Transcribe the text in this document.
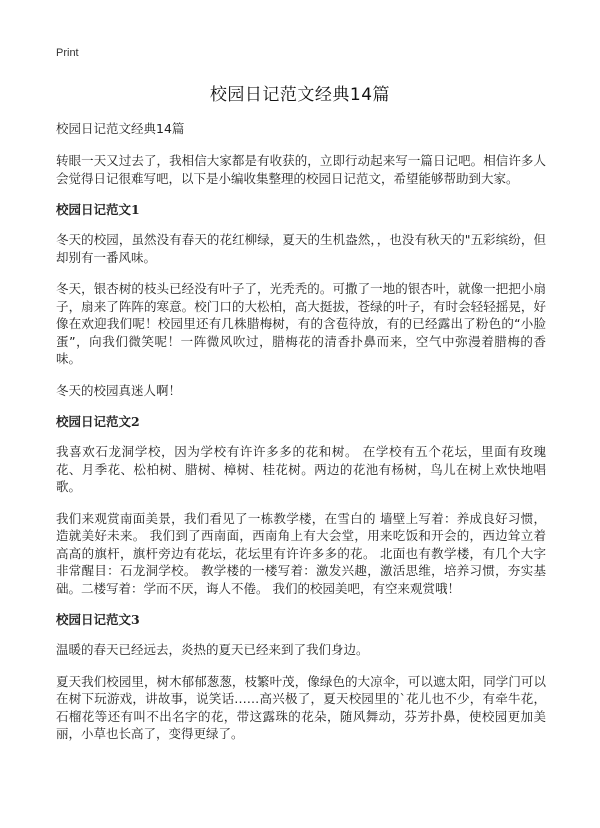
Print
校园日记范文经典14篇
校园日记范文经典14篇

转眼一天又过去了，我相信大家都是有收获的，立即行动起来写一篇日记吧。相信许多人会觉得日记很难写吧，以下是小编收集整理的校园日记范文，希望能够帮助到大家。

校园日记范文1

冬天的校园，虽然没有春天的花红柳绿，夏天的生机盎然，，也没有秋天的"五彩缤纷，但却别有一番风味。

冬天，银杏树的枝头已经没有叶子了，光秃秃的。可撒了一地的银杏叶，就像一把把小扇子，扇来了阵阵的寒意。校门口的大松柏，高大挺拔，苍绿的叶子，有时会轻轻摇晃，好像在欢迎我们呢！校园里还有几株腊梅树，有的含苞待放，有的已经露出了粉色的“小脸蛋”，向我们微笑呢！一阵微风吹过，腊梅花的清香扑鼻而来，空气中弥漫着腊梅的香味。

冬天的校园真迷人啊！

校园日记范文2

我喜欢石龙洞学校，因为学校有许许多多的花和树。 在学校有五个花坛，里面有玫瑰花、月季花、松柏树、腊树、樟树、桂花树。两边的花池有杨树，鸟儿在树上欢快地唱歌。

我们来观赏南面美景，我们看见了一栋教学楼，在雪白的 墙壁上写着：养成良好习惯，造就美好未来。 我们到了西南面，西南角上有大会堂，用来吃饭和开会的，西边耸立着高高的旗杆，旗杆旁边有花坛，花坛里有许许多多的花。 北面也有教学楼，有几个大字非常醒目：石龙洞学校。 教学楼的一楼写着：激发兴趣，激活思维，培养习惯，夯实基础。二楼写着：学而不厌，诲人不倦。 我们的校园美吧，有空来观赏哦！

校园日记范文3

温暖的春天已经远去，炎热的夏天已经来到了我们身边。

夏天我们校园里，树木郁郁葱葱，枝繁叶茂，像绿色的大凉伞，可以遮太阳，同学门可以在树下玩游戏，讲故事，说笑话……高兴极了，夏天校园里的`花儿也不少，有牵牛花，石榴花等还有叫不出名字的花，带这露珠的花朵，随风舞动，芬芳扑鼻，使校园更加美丽，小草也长高了，变得更绿了。
